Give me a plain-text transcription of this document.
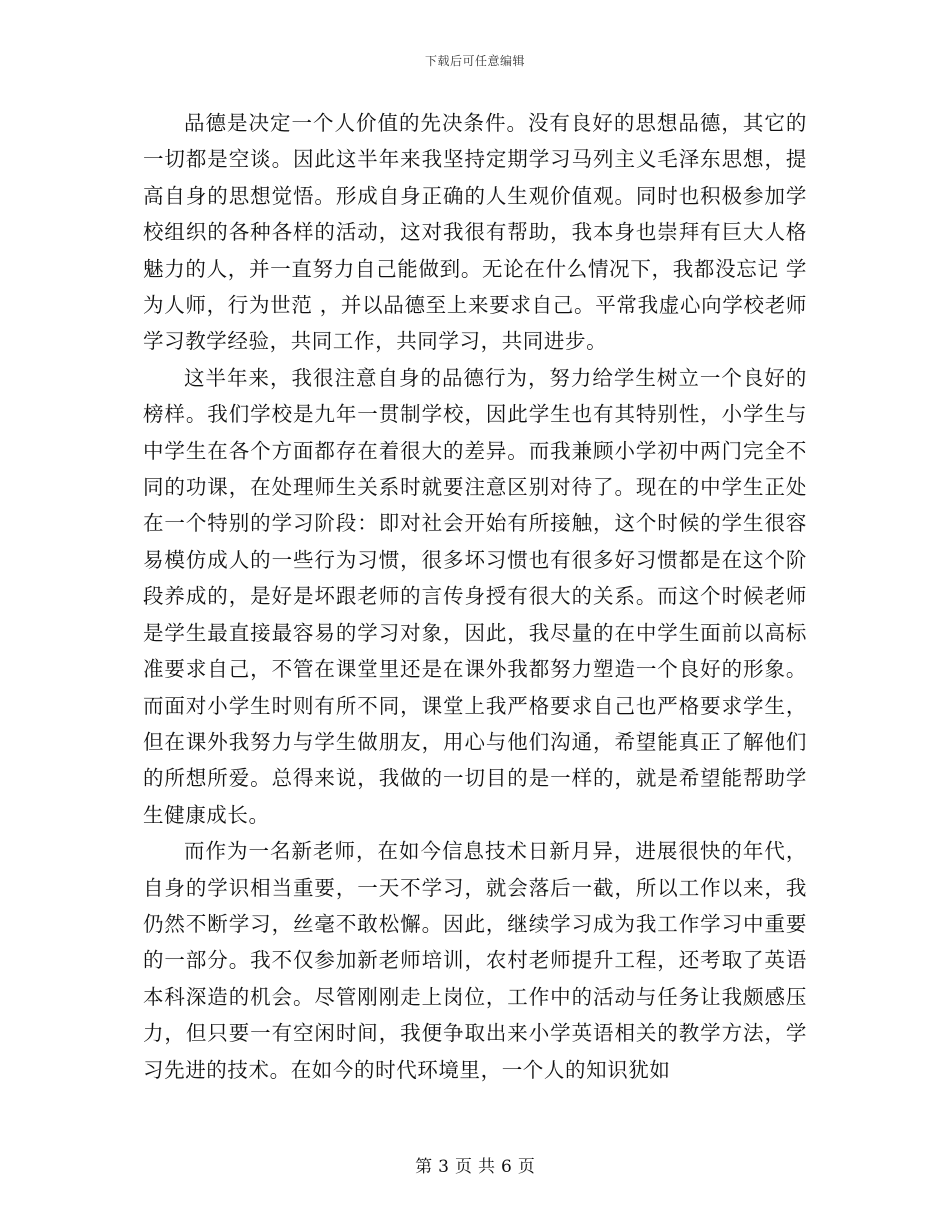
下载后可任意编辑

品德是决定一个人价值的先决条件。没有良好的思想品德，其它的一切都是空谈。因此这半年来我坚持定期学习马列主义毛泽东思想，提高自身的思想觉悟。形成自身正确的人生观价值观。同时也积极参加学校组织的各种各样的活动，这对我很有帮助，我本身也崇拜有巨大人格魅力的人，并一直努力自己能做到。无论在什么情况下，我都没忘记 学为人师，行为世范 ，并以品德至上来要求自己。平常我虚心向学校老师学习教学经验，共同工作，共同学习，共同进步。

这半年来，我很注意自身的品德行为，努力给学生树立一个良好的榜样。我们学校是九年一贯制学校，因此学生也有其特别性，小学生与中学生在各个方面都存在着很大的差异。而我兼顾小学初中两门完全不同的功课，在处理师生关系时就要注意区别对待了。现在的中学生正处在一个特别的学习阶段：即对社会开始有所接触，这个时候的学生很容易模仿成人的一些行为习惯，很多坏习惯也有很多好习惯都是在这个阶段养成的，是好是坏跟老师的言传身授有很大的关系。而这个时候老师是学生最直接最容易的学习对象，因此，我尽量的在中学生面前以高标准要求自己，不管在课堂里还是在课外我都努力塑造一个良好的形象。而面对小学生时则有所不同，课堂上我严格要求自己也严格要求学生，但在课外我努力与学生做朋友，用心与他们沟通，希望能真正了解他们的所想所爱。总得来说，我做的一切目的是一样的，就是希望能帮助学生健康成长。

而作为一名新老师，在如今信息技术日新月异，进展很快的年代，自身的学识相当重要，一天不学习，就会落后一截，所以工作以来，我仍然不断学习，丝毫不敢松懈。因此，继续学习成为我工作学习中重要的一部分。我不仅参加新老师培训，农村老师提升工程，还考取了英语本科深造的机会。尽管刚刚走上岗位，工作中的活动与任务让我颇感压力，但只要一有空闲时间，我便争取出来小学英语相关的教学方法，学习先进的技术。在如今的时代环境里，一个人的知识犹如

第 3 页 共 6 页
